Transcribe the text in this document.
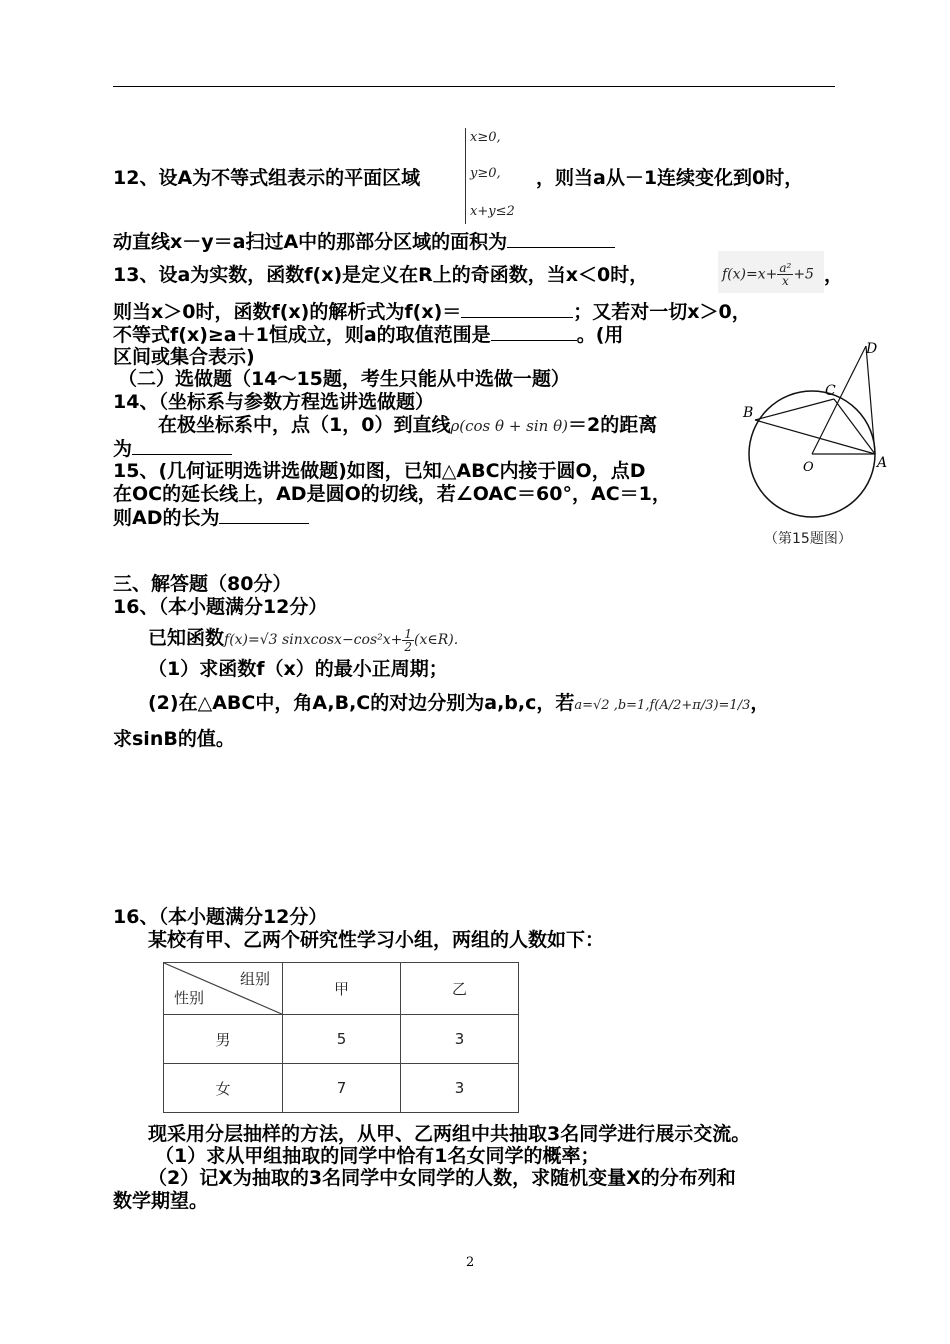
12、设A为不等式组表示的平面区域
x≥0,
y≥0,
x+y≤2
，则当a从－1连续变化到0时，
动直线x－y＝a扫过A中的那部分区域的面积为
13、设a为实数，函数f(x)是定义在R上的奇函数，当x＜0时，	$f(x)=x+ \frac{\text{a²}}{x} +5$ ，
则当x＞0时，函数f(x)的解析式为f(x)＝	；又若对一切x＞0，
不等式f(x)≥a＋1恒成立，则a的取值范围是	。(用
区间或集合表示)
（二）选做题（14～15题，考生只能从中选做一题）
14、（坐标系与参数方程选讲选做题）
在极坐标系中，点（1，0）到直线ρ(cos θ + sin θ)＝2的距离
为
15、(几何证明选讲选做题)如图，已知△ABC内接于圆O，点D
在OC的延长线上，AD是圆O的切线，若∠OAC＝60°，AC＝1，
则AD的长为
D
C
B
O	A
（第15题图）
三、解答题（80分）
16、（本小题满分12分）
已知函数f(x)=√3 sinxcosx−cos²x+ $\frac{1}{2}$ (x∈R).
（1）求函数f（x）的最小正周期；
(2)在△ABC中，角A,B,C的对边分别为a,b,c，若a=√2 ,b=1,f(A/2+π/3)=1/3，
求sinB的值。
16、（本小题满分12分）
某校有甲、乙两个研究性学习小组，两组的人数如下：
组别
性别	甲	乙
男	5	3
女	7	3
现采用分层抽样的方法，从甲、乙两组中共抽取3名同学进行展示交流。
（1）求从甲组抽取的同学中恰有1名女同学的概率；
（2）记X为抽取的3名同学中女同学的人数，求随机变量X的分布列和
数学期望。
2
